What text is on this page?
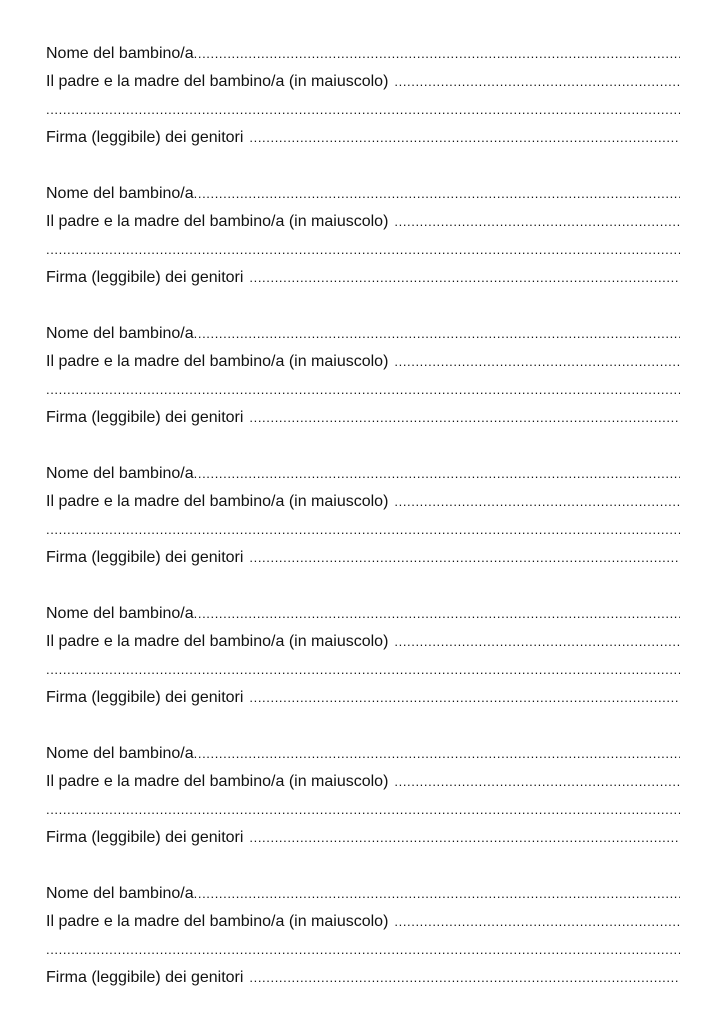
Nome del bambino/a
.....
Il padre e la madre del bambino/a (in maiuscolo)
.....
.....
Firma (leggibile) dei genitori
.....
Nome del bambino/a
.....
Il padre e la madre del bambino/a (in maiuscolo)
.....
.....
Firma (leggibile) dei genitori
.....
Nome del bambino/a
.....
Il padre e la madre del bambino/a (in maiuscolo)
.....
.....
Firma (leggibile) dei genitori
.....
Nome del bambino/a
.....
Il padre e la madre del bambino/a (in maiuscolo)
.....
.....
Firma (leggibile) dei genitori
.....
Nome del bambino/a
.....
Il padre e la madre del bambino/a (in maiuscolo)
.....
.....
Firma (leggibile) dei genitori
.....
Nome del bambino/a
.....
Il padre e la madre del bambino/a (in maiuscolo)
.....
.....
Firma (leggibile) dei genitori
.....
Nome del bambino/a
.....
Il padre e la madre del bambino/a (in maiuscolo)
.....
.....
Firma (leggibile) dei genitori
.....
